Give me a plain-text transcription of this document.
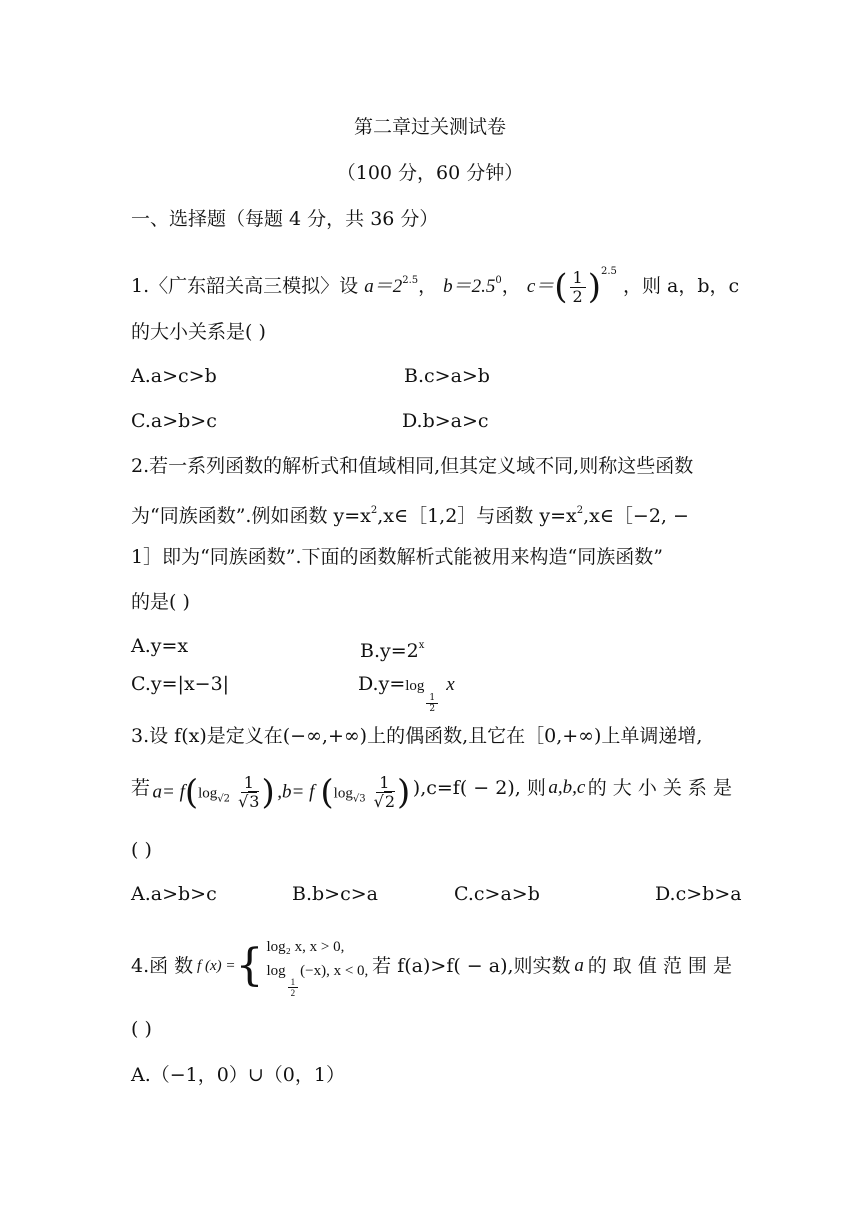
第二章过关测试卷
（100 分，60 分钟）
一、选择题（每题 4 分，共 36 分）
1.〈广东韶关高三模拟〉设 $a=2^{2.5}$， $b=2.5^0$， $c=( \frac{1}{2} )^{2.5}$ ，则 a，b，c
的大小关系是( )
A.a>c>b	B.c>a>b
C.a>b>c	D.b>a>c
2.若一系列函数的解析式和值域相同,但其定义域不同,则称这些函数
为“同族函数”.例如函数 $y=x^2,x\in[1,2]$与函数 $y=x^2,x\in[-2$, −
1］即为“同族函数”.下面的函数解析式能被用来构造“同族函数”
的是( )
A.y=x	$B.y=2^x$
C.y=|x−3|	D.y=log
$\frac{1}{2}$
x
3.设 f(x)是定义在(−∞,+∞)上的偶函数,且它在［0,+∞)上单调递增,
若 $a= f(\log_{√2} \frac{1}{√3}$ ) ,b= f ($\log_{√3} \frac{1}{√2}$ ) ),c=f( − 2), 则 a,b,c 的 大 小 关 系 是
( )
A.a>b>c	B.b>c>a	C.c>a>b	D.c>b>a
4.函 数 f (x) = { log₂ x, x > 0,
log
$\frac{1}{2}$
(−x), x < 0, 若 f(a)>f( − a),则实数 a 的 取 值 范 围 是
( )
A.（−1，0）∪（0，1）
